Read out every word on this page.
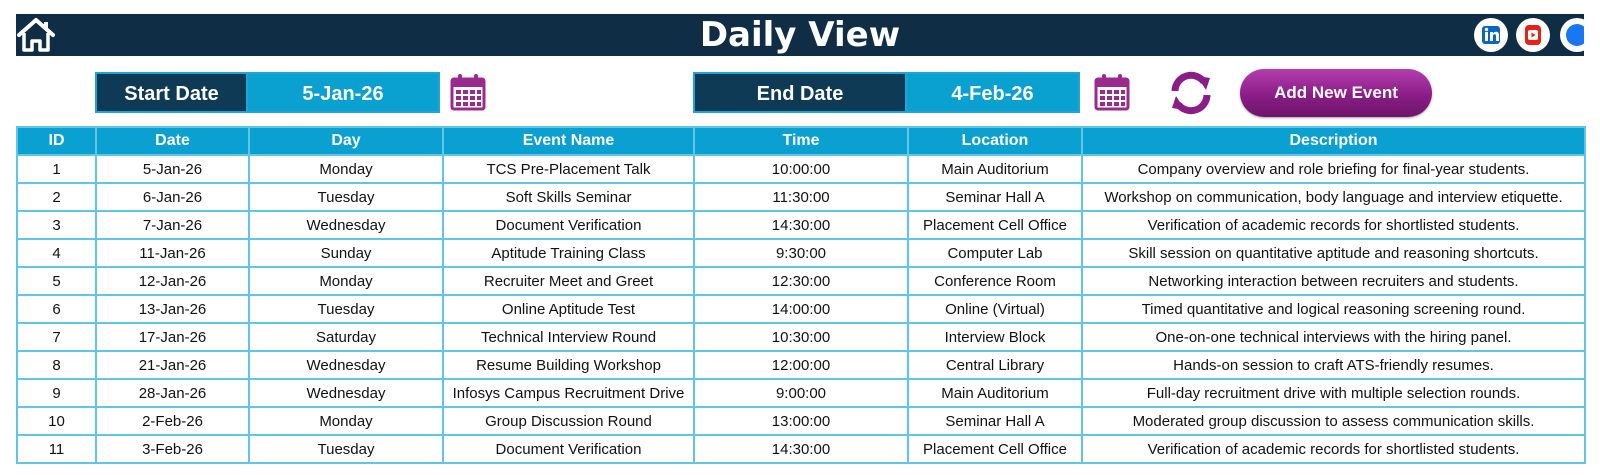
Daily View
Start Date	5-Jan-26	End Date	4-Feb-26	Add New Event
ID	Date	Day	Event Name	Time	Location	Description
1	5-Jan-26	Monday	TCS Pre-Placement Talk	10:00:00	Main Auditorium	Company overview and role briefing for final-year students.
2	6-Jan-26	Tuesday	Soft Skills Seminar	11:30:00	Seminar Hall A	Workshop on communication, body language and interview etiquette.
3	7-Jan-26	Wednesday	Document Verification	14:30:00	Placement Cell Office	Verification of academic records for shortlisted students.
4	11-Jan-26	Sunday	Aptitude Training Class	9:30:00	Computer Lab	Skill session on quantitative aptitude and reasoning shortcuts.
5	12-Jan-26	Monday	Recruiter Meet and Greet	12:30:00	Conference Room	Networking interaction between recruiters and students.
6	13-Jan-26	Tuesday	Online Aptitude Test	14:00:00	Online (Virtual)	Timed quantitative and logical reasoning screening round.
7	17-Jan-26	Saturday	Technical Interview Round	10:30:00	Interview Block	One-on-one technical interviews with the hiring panel.
8	21-Jan-26	Wednesday	Resume Building Workshop	12:00:00	Central Library	Hands-on session to craft ATS-friendly resumes.
9	28-Jan-26	Wednesday	Infosys Campus Recruitment Drive	9:00:00	Main Auditorium	Full-day recruitment drive with multiple selection rounds.
10	2-Feb-26	Monday	Group Discussion Round	13:00:00	Seminar Hall A	Moderated group discussion to assess communication skills.
11	3-Feb-26	Tuesday	Document Verification	14:30:00	Placement Cell Office	Verification of academic records for shortlisted students.
